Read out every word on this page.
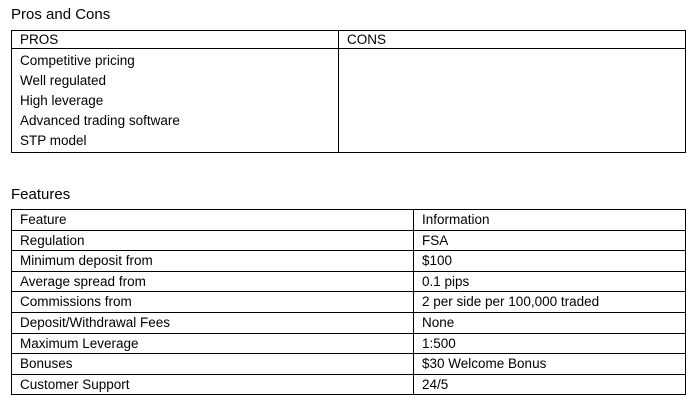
Pros and Cons
PROS	CONS

Competitive pricing
Well regulated
High leverage
Advanced trading software
STP model	

Features
Feature	Information
Regulation	FSA
Minimum deposit from	$100
Average spread from	0.1 pips
Commissions from	2 per side per 100,000 traded
Deposit/Withdrawal Fees	None
Maximum Leverage	1:500
Bonuses	$30 Welcome Bonus
Customer Support	24/5
